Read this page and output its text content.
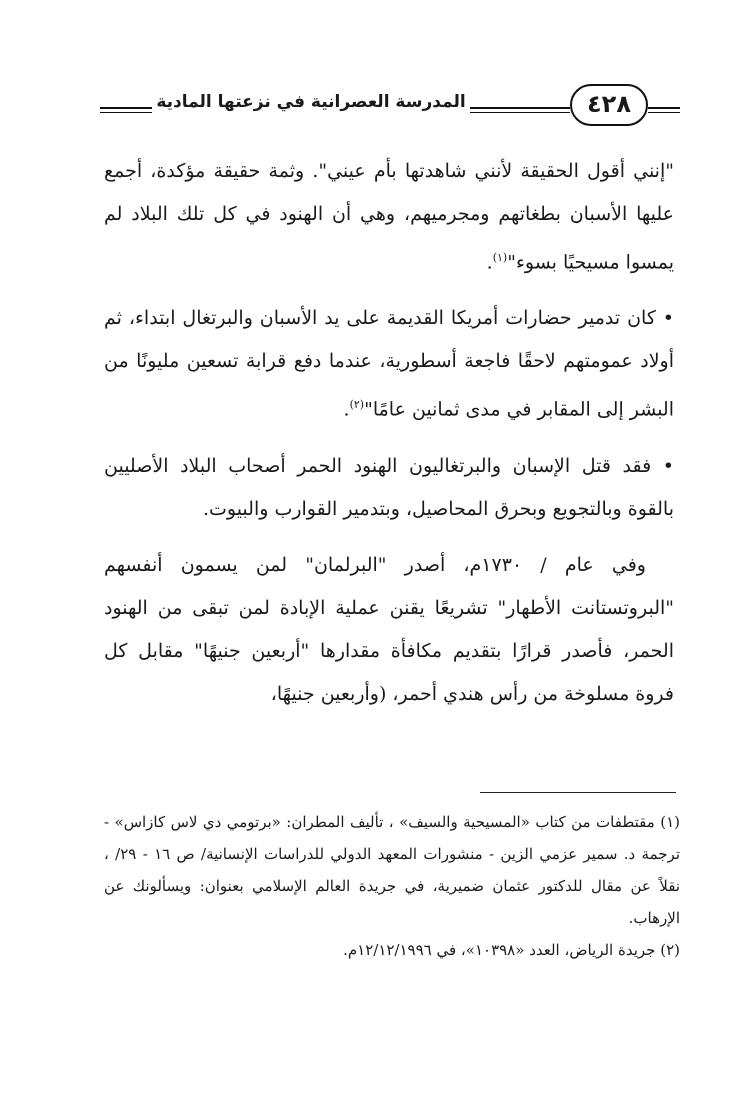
المدرسة العصرانية في نزعتها المادية	٤٢٨

"إنني أقول الحقيقة لأنني شاهدتها بأم عيني". وثمة حقيقة مؤكدة، أجمع عليها الأسبان بطغاتهم ومجرميهم، وهي أن الهنود في كل تلك البلاد لم يمسوا مسيحيًا بسوء"$^{(١)}$.

• كان تدمير حضارات أمريكا القديمة على يد الأسبان والبرتغال ابتداء، ثم أولاد عمومتهم لاحقًا فاجعة أسطورية، عندما دفع قرابة تسعين مليونًا من البشر إلى المقابر في مدى ثمانين عامًا"$^{(٢)}$.

• فقد قتل الإسبان والبرتغاليون الهنود الحمر أصحاب البلاد الأصليين بالقوة وبالتجويع وبحرق المحاصيل، وبتدمير القوارب والبيوت.

وفي عام / ١٧٣٠م، أصدر "البرلمان" لمن يسمون أنفسهم "البروتستانت الأطهار" تشريعًا يقنن عملية الإبادة لمن تبقى من الهنود الحمر، فأصدر قرارًا بتقديم مكافأة مقدارها "أربعين جنيهًا" مقابل كل فروة مسلوخة من رأس هندي أحمر، (وأربعين جنيهًا،

(١) مقتطفات من كتاب «المسيحية والسيف» ، تأليف المطران: «برتومي دي لاس كازاس» - ترجمة د. سمير عزمي الزين - منشورات المعهد الدولي للدراسات الإنسانية/ ص ١٦ - ٢٩/ ، نقلاً عن مقال للدكتور عثمان ضميرية، في جريدة العالم الإسلامي بعنوان: ويسألونك عن الإرهاب.

(٢) جريدة الرياض، العدد «١٠٣٩٨»، في ١٢/١٢/١٩٩٦م.
